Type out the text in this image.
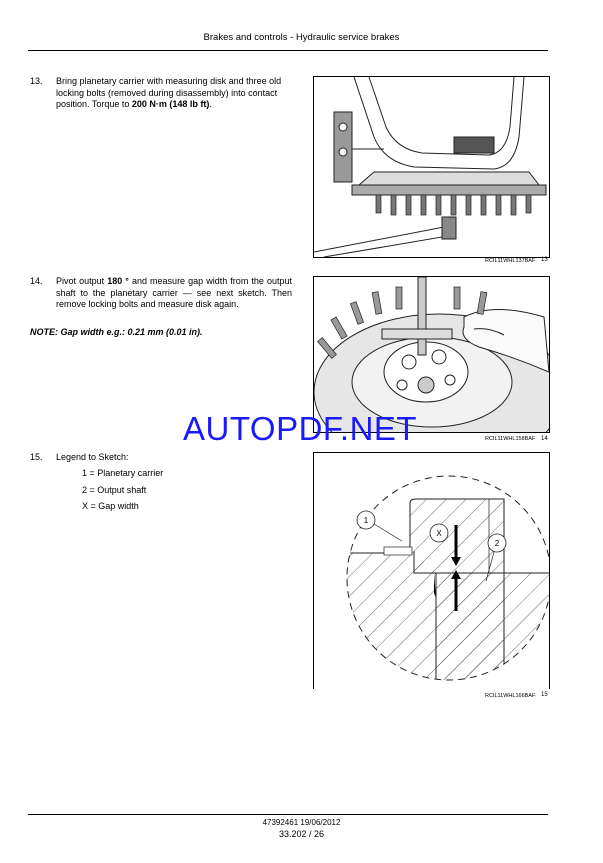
Brakes and controls - Hydraulic service brakes
13.	Bring planetary carrier with measuring disk and three old locking bolts (removed during disassembly) into contact position. Torque to 200 N·m (148 lb ft).
14.	Pivot output 180 ° and measure gap width from the output shaft to the planetary carrier — see next sketch. Then remove locking bolts and measure disk again.
NOTE: Gap width e.g.: 0.21 mm (0.01 in).
15.	Legend to Sketch:
1 = Planetary carrier
2 = Output shaft
X = Gap width
RCIL11WHL137BAF 13
RCIL11WHL158BAF 14
AUTOPDF.NET
1
X
2
RCIL11WHL166BAF 15
47392461 19/06/2012
33.202 / 26
